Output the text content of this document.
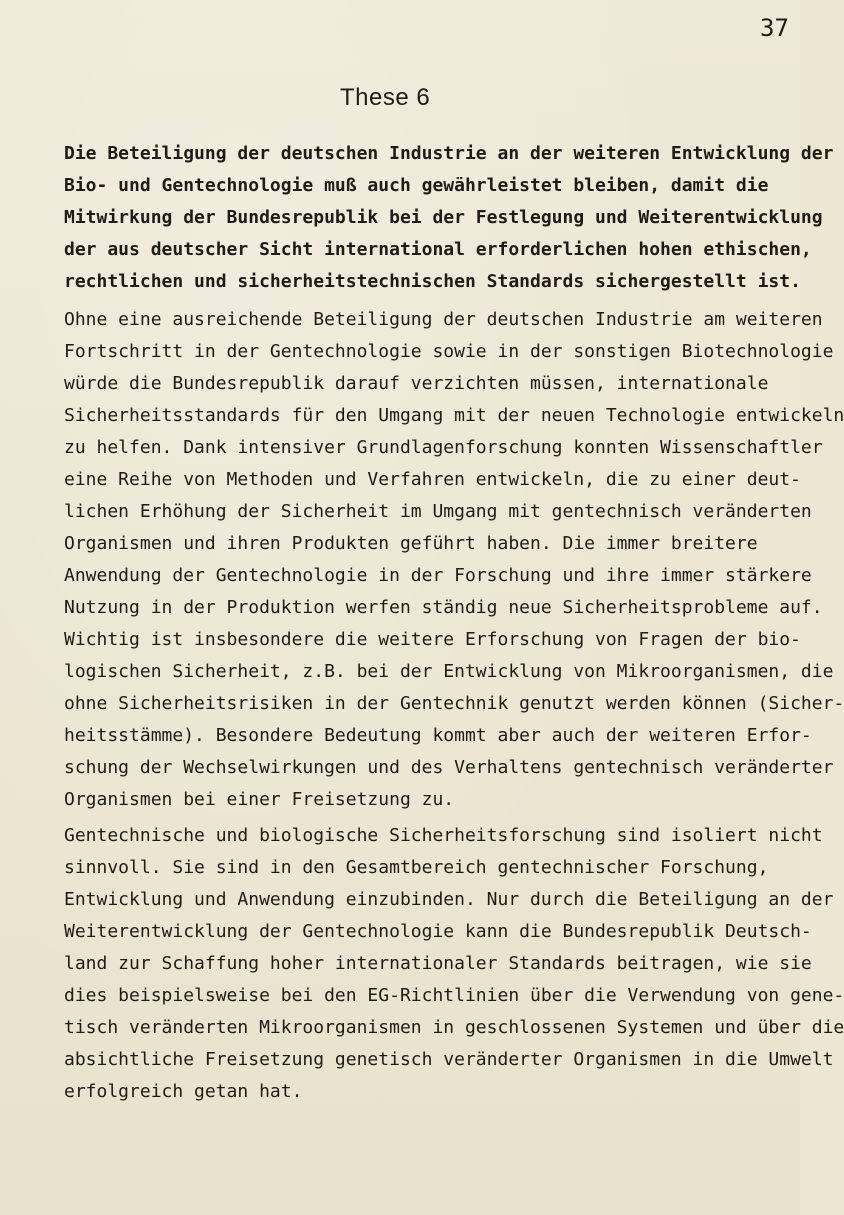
37
These 6
Die Beteiligung der deutschen Industrie an der weiteren Entwicklung der
Bio- und Gentechnologie muß auch gewährleistet bleiben, damit die
Mitwirkung der Bundesrepublik bei der Festlegung und Weiterentwicklung
der aus deutscher Sicht international erforderlichen hohen ethischen,
rechtlichen und sicherheitstechnischen Standards sichergestellt ist.
Ohne eine ausreichende Beteiligung der deutschen Industrie am weiteren
Fortschritt in der Gentechnologie sowie in der sonstigen Biotechnologie
würde die Bundesrepublik darauf verzichten müssen, internationale
Sicherheitsstandards für den Umgang mit der neuen Technologie entwickeln
zu helfen. Dank intensiver Grundlagenforschung konnten Wissenschaftler
eine Reihe von Methoden und Verfahren entwickeln, die zu einer deut-
lichen Erhöhung der Sicherheit im Umgang mit gentechnisch veränderten
Organismen und ihren Produkten geführt haben. Die immer breitere
Anwendung der Gentechnologie in der Forschung und ihre immer stärkere
Nutzung in der Produktion werfen ständig neue Sicherheitsprobleme auf.
Wichtig ist insbesondere die weitere Erforschung von Fragen der bio-
logischen Sicherheit, z.B. bei der Entwicklung von Mikroorganismen, die
ohne Sicherheitsrisiken in der Gentechnik genutzt werden können (Sicher-
heitsstämme). Besondere Bedeutung kommt aber auch der weiteren Erfor-
schung der Wechselwirkungen und des Verhaltens gentechnisch veränderter
Organismen bei einer Freisetzung zu.
Gentechnische und biologische Sicherheitsforschung sind isoliert nicht
sinnvoll. Sie sind in den Gesamtbereich gentechnischer Forschung,
Entwicklung und Anwendung einzubinden. Nur durch die Beteiligung an der
Weiterentwicklung der Gentechnologie kann die Bundesrepublik Deutsch-
land zur Schaffung hoher internationaler Standards beitragen, wie sie
dies beispielsweise bei den EG-Richtlinien über die Verwendung von gene-
tisch veränderten Mikroorganismen in geschlossenen Systemen und über die
absichtliche Freisetzung genetisch veränderter Organismen in die Umwelt
erfolgreich getan hat.
